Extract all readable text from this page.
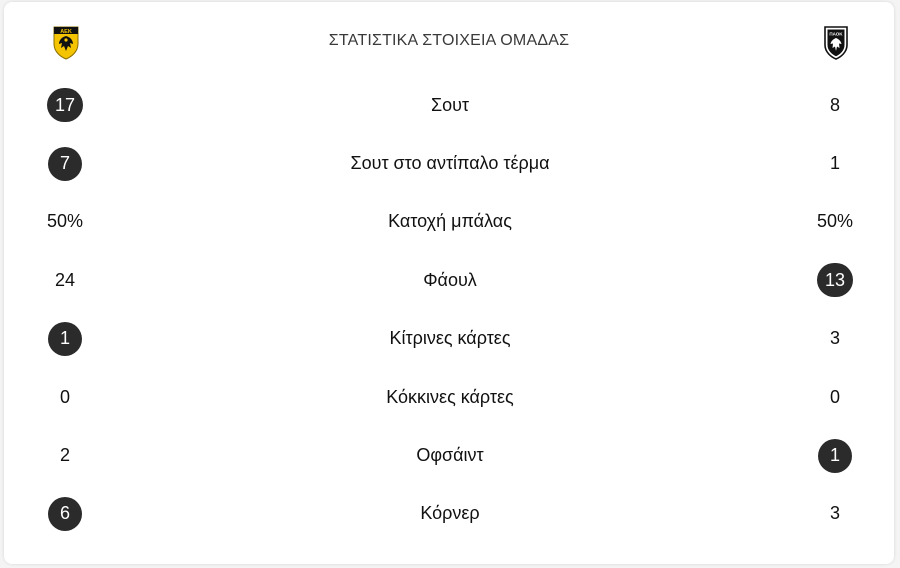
ΑΕΚ	ΣΤΑΤΙΣΤΙΚΑ ΣΤΟΙΧΕΙΑ ΟΜΑΔΑΣ	ΠΑΟΚ
17	Σουτ	8
7	Σουτ στο αντίπαλο τέρμα	1
50%	Κατοχή μπάλας	50%
24	Φάουλ	13
1	Κίτρινες κάρτες	3
0	Κόκκινες κάρτες	0
2	Οφσάιντ	1
6	Κόρνερ	3
